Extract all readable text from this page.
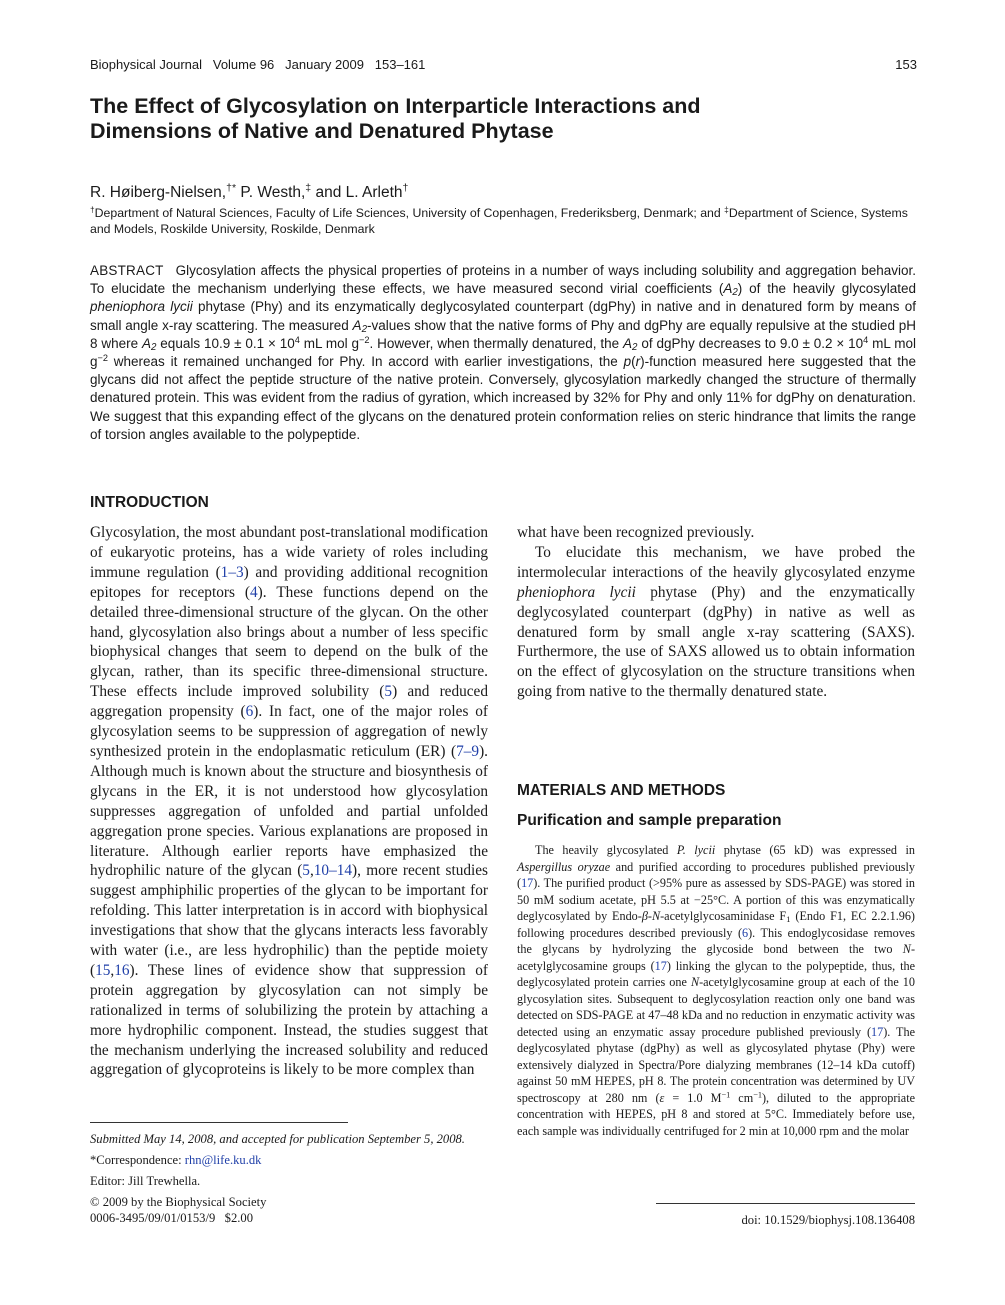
Biophysical Journal Volume 96 January 2009 153–161	153
The Effect of Glycosylation on Interparticle Interactions and
Dimensions of Native and Denatured Phytase
R. Høiberg-Nielsen,†* P. Westh,‡ and L. Arleth†
†Department of Natural Sciences, Faculty of Life Sciences, University of Copenhagen, Frederiksberg, Denmark; and ‡Department of Science, Systems and Models, Roskilde University, Roskilde, Denmark
ABSTRACT Glycosylation affects the physical properties of proteins in a number of ways including solubility and aggregation behavior. To elucidate the mechanism underlying these effects, we have measured second virial coefficients $(A_2)$ of the heavily glycosylated pheniophora lycii phytase (Phy) and its enzymatically deglycosylated counterpart (dgPhy) in native and in denatured form by means of small angle x-ray scattering. The measured $A_2$-values show that the native forms of Phy and dgPhy are equally repulsive at the studied pH 8 where $A_2$ equals $10.9 \pm 0.1 \times 10^4$ mL mol $g^{-2}$. However, when thermally denatured, the $A_2$ of dgPhy decreases to $9.0 \pm 0.2 \times 10^4$ mL mol $g^{-2}$ whereas it remained unchanged for Phy. In accord with earlier investigations, the p(r)-function measured here suggested that the glycans did not affect the peptide structure of the native protein. Conversely, glycosylation markedly changed the structure of thermally denatured protein. This was evident from the radius of gyration, which increased by 32% for Phy and only 11% for dgPhy on denaturation. We suggest that this expanding effect of the glycans on the denatured protein conformation relies on steric hindrance that limits the range of torsion angles available to the polypeptide.
INTRODUCTION

Glycosylation, the most abundant post-translational modification of eukaryotic proteins, has a wide variety of roles including immune regulation (1–3) and providing additional recognition epitopes for receptors (4). These functions depend on the detailed three-dimensional structure of the glycan. On the other hand, glycosylation also brings about a number of less specific biophysical changes that seem to depend on the bulk of the glycan, rather, than its specific three-dimensional structure. These effects include improved solubility (5) and reduced aggregation propensity (6). In fact, one of the major roles of glycosylation seems to be suppression of aggregation of newly synthesized protein in the endoplasmatic reticulum (ER) (7–9). Although much is known about the structure and biosynthesis of glycans in the ER, it is not understood how glycosylation suppresses aggregation of unfolded and partial unfolded aggregation prone species. Various explanations are proposed in literature. Although earlier reports have emphasized the hydrophilic nature of the glycan (5,10–14), more recent studies suggest amphiphilic properties of the glycan to be important for refolding. This latter interpretation is in accord with biophysical investigations that show that the glycans interacts less favorably with water (i.e., are less hydrophilic) than the peptide moiety (15,16). These lines of evidence show that suppression of protein aggregation by glycosylation can not simply be rationalized in terms of solubilizing the protein by attaching a more hydrophilic component. Instead, the studies suggest that the mechanism underlying the increased solubility and reduced aggregation of glycoproteins is likely to be more complex than

what have been recognized previously.

To elucidate this mechanism, we have probed the intermolecular interactions of the heavily glycosylated enzyme pheniophora lycii phytase (Phy) and the enzymatically deglycosylated counterpart (dgPhy) in native as well as denatured form by small angle x-ray scattering (SAXS). Furthermore, the use of SAXS allowed us to obtain information on the effect of glycosylation on the structure transitions when going from native to the thermally denatured state.

MATERIALS AND METHODS
Purification and sample preparation

The heavily glycosylated P. lycii phytase (65 kD) was expressed in Aspergillus oryzae and purified according to procedures published previously (17). The purified product (>95% pure as assessed by SDS-PAGE) was stored in 50 mM sodium acetate, pH 5.5 at −25°C. A portion of this was enzymatically deglycosylated by Endo-β-N-acetylglycosaminidase $F_1$ (Endo F1, EC 2.2.1.96) following procedures described previously (6). This endoglycosidase removes the glycans by hydrolyzing the glycoside bond between the two N-acetylglycosamine groups (17) linking the glycan to the polypeptide, thus, the deglycosylated protein carries one N-acetylglycosamine group at each of the 10 glycosylation sites. Subsequent to deglycosylation reaction only one band was detected on SDS-PAGE at 47–48 kDa and no reduction in enzymatic activity was detected using an enzymatic assay procedure published previously (17). The deglycosylated phytase (dgPhy) as well as glycosylated phytase (Phy) were extensively dialyzed in Spectra/Pore dialyzing membranes (12–14 kDa cutoff) against 50 mM HEPES, pH 8. The protein concentration was determined by UV spectroscopy at 280 nm (ε = 1.0 $M^{-1}$ $cm^{-1}$), diluted to the appropriate concentration with HEPES, pH 8 and stored at 5°C. Immediately before use, each sample was individually centrifuged for 2 min at 10,000 rpm and the molar

Submitted May 14, 2008, and accepted for publication September 5, 2008.
*Correspondence: rhn@life.ku.dk
Editor: Jill Trewhella.
© 2009 by the Biophysical Society
0006-3495/09/01/0153/9   $2.00	doi: 10.1529/biophysj.108.136408
